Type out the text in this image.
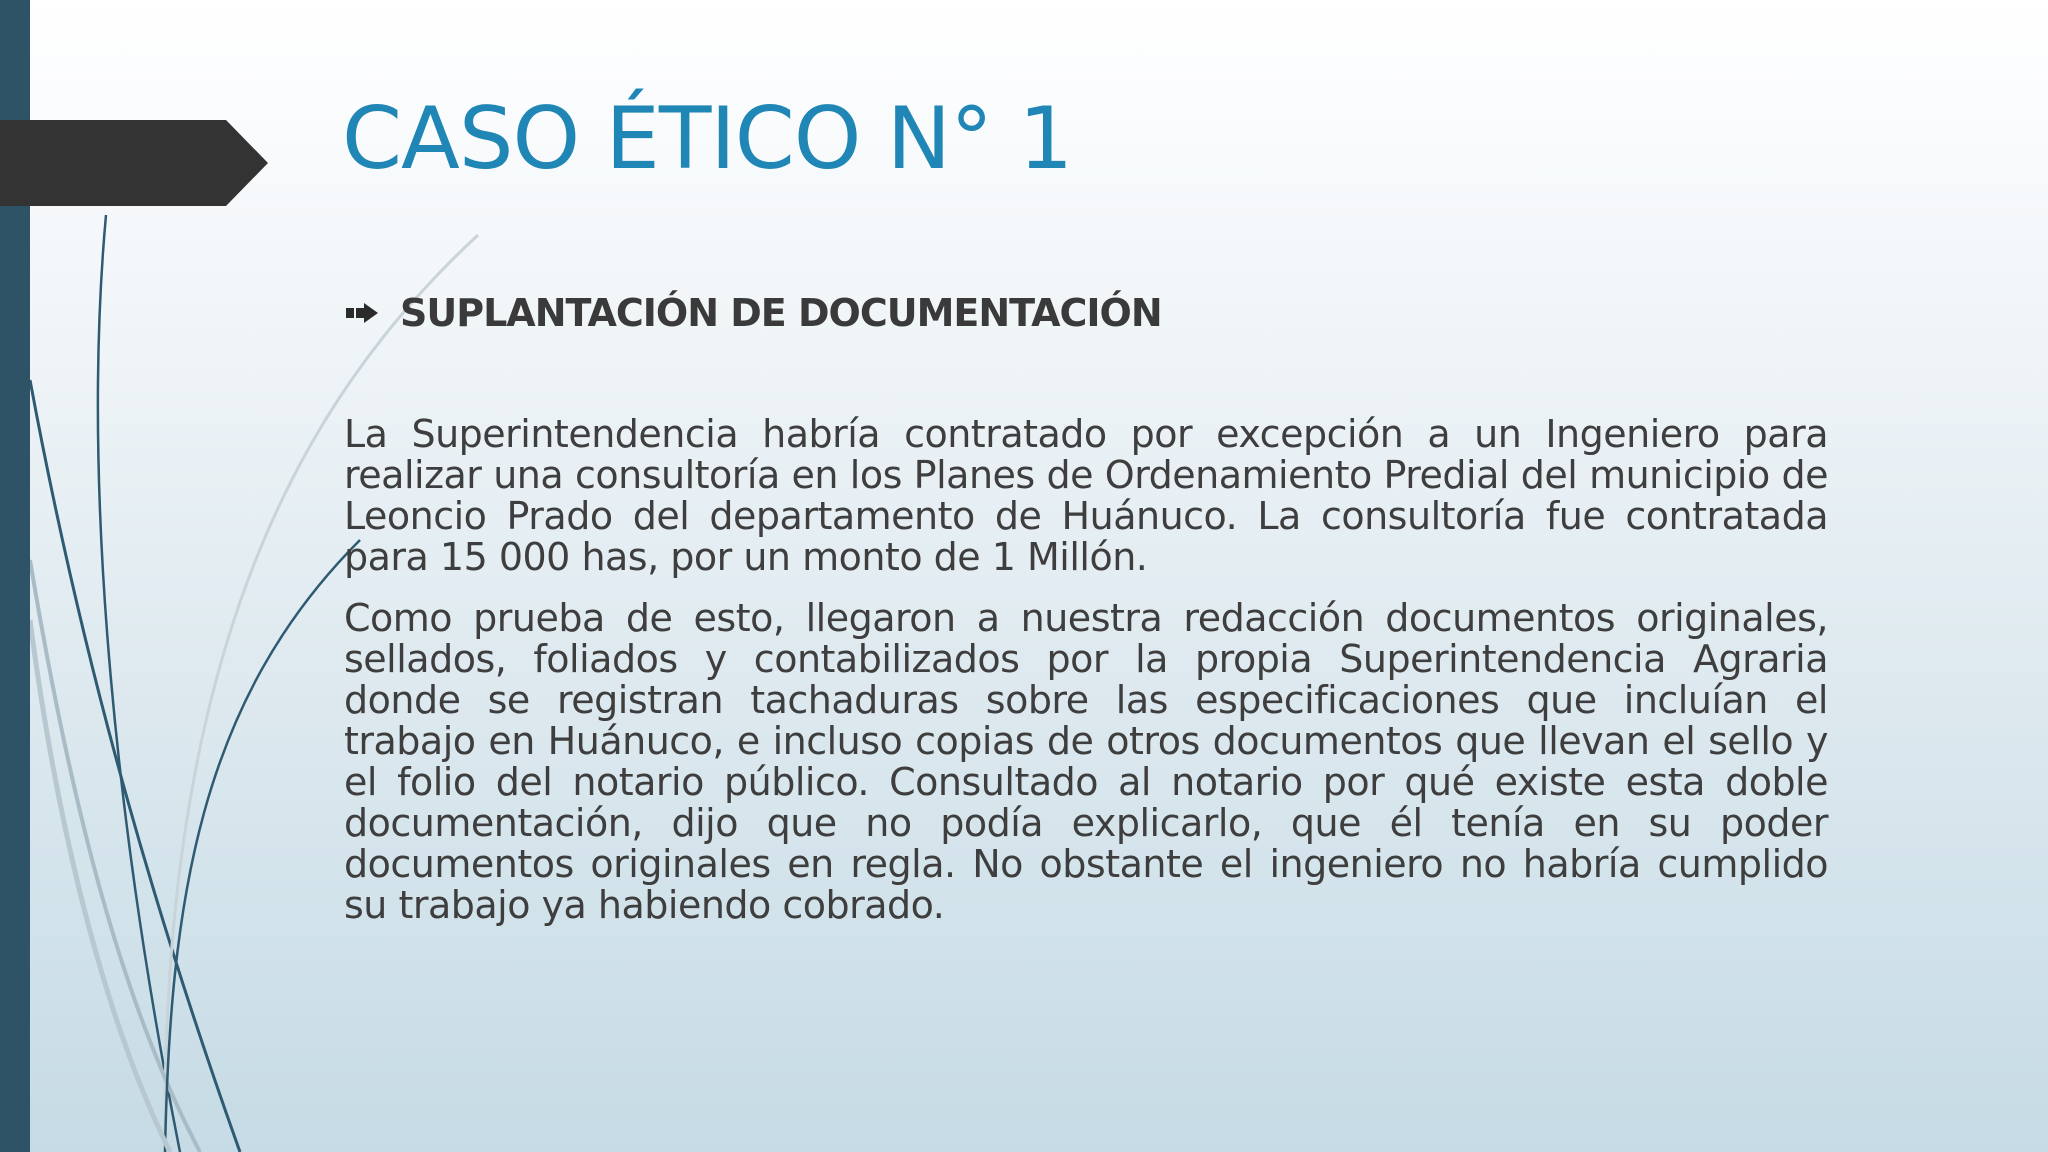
CASO ÉTICO N° 1
SUPLANTACIÓN DE DOCUMENTACIÓN

La Superintendencia habría contratado por excepción a un Ingeniero para realizar una consultoría en los Planes de Ordenamiento Predial del municipio de Leoncio Prado del departamento de Huánuco. La consultoría fue contratada para 15 000 has, por un monto de 1 Millón.

Como prueba de esto, llegaron a nuestra redacción documentos originales, sellados, foliados y contabilizados por la propia Superintendencia Agraria donde se registran tachaduras sobre las especificaciones que incluían el trabajo en Huánuco, e incluso copias de otros documentos que llevan el sello y el folio del notario público. Consultado al notario por qué existe esta doble documentación, dijo que no podía explicarlo, que él tenía en su poder documentos originales en regla. No obstante el ingeniero no habría cumplido su trabajo ya habiendo cobrado.
